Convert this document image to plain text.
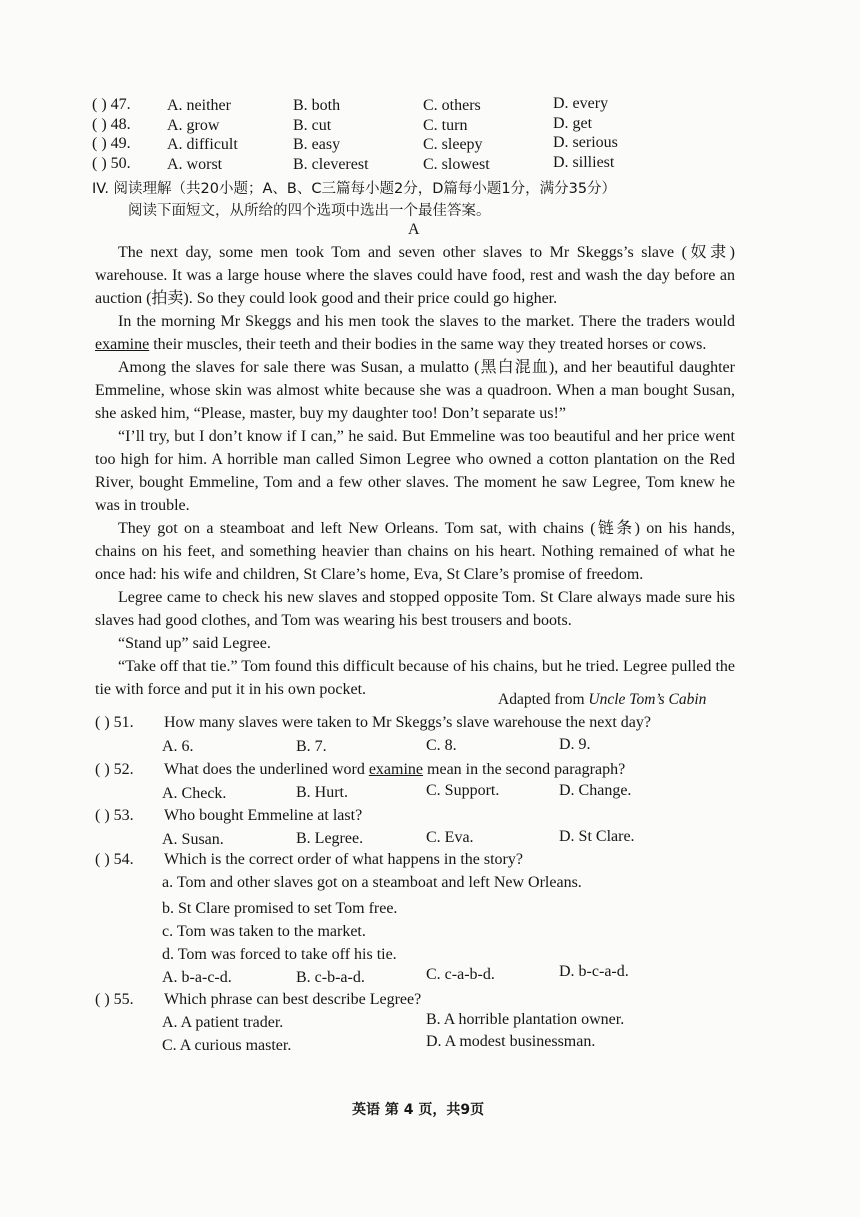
( ) 47. A. neither	B. both	C. others	D. every
( ) 48. A. grow	B. cut	C. turn	D. get
( ) 49. A. difficult	B. easy	C. sleepy	D. serious
( ) 50. A. worst	B. cleverest	C. slowest	D. silliest
IV. 阅读理解（共20小题；A、B、C三篇每小题2分，D篇每小题1分，满分35分）
阅读下面短文，从所给的四个选项中选出一个最佳答案。
A

The next day, some men took Tom and seven other slaves to Mr Skeggs’s slave (奴隶) warehouse. It was a large house where the slaves could have food, rest and wash the day before an auction (拍卖). So they could look good and their price could go higher.

In the morning Mr Skeggs and his men took the slaves to the market. There the traders would examine their muscles, their teeth and their bodies in the same way they treated horses or cows.

Among the slaves for sale there was Susan, a mulatto (黑白混血), and her beautiful daughter Emmeline, whose skin was almost white because she was a quadroon. When a man bought Susan, she asked him, “Please, master, buy my daughter too! Don’t separate us!”

“I’ll try, but I don’t know if I can,” he said. But Emmeline was too beautiful and her price went too high for him. A horrible man called Simon Legree who owned a cotton plantation on the Red River, bought Emmeline, Tom and a few other slaves. The moment he saw Legree, Tom knew he was in trouble.

They got on a steamboat and left New Orleans. Tom sat, with chains (链条) on his hands, chains on his feet, and something heavier than chains on his heart. Nothing remained of what he once had: his wife and children, St Clare’s home, Eva, St Clare’s promise of freedom.

Legree came to check his new slaves and stopped opposite Tom. St Clare always made sure his slaves had good clothes, and Tom was wearing his best trousers and boots.

“Stand up” said Legree.

“Take off that tie.” Tom found this difficult because of his chains, but he tried. Legree pulled the tie with force and put it in his own pocket.

Adapted from Uncle Tom’s Cabin
( ) 51. How many slaves were taken to Mr Skeggs’s slave warehouse the next day?
A. 6.	B. 7.	C. 8.	D. 9.
( ) 52. What does the underlined word examine mean in the second paragraph?
A. Check.	B. Hurt.	C. Support.	D. Change.
( ) 53. Who bought Emmeline at last?
A. Susan.	B. Legree.	C. Eva.	D. St Clare.
( ) 54. Which is the correct order of what happens in the story?
a. Tom and other slaves got on a steamboat and left New Orleans.
b. St Clare promised to set Tom free.
c. Tom was taken to the market.
d. Tom was forced to take off his tie.
A. b-a-c-d.	B. c-b-a-d.	C. c-a-b-d.	D. b-c-a-d.
( ) 55. Which phrase can best describe Legree?
A. A patient trader.	B. A horrible plantation owner.
C. A curious master.	D. A modest businessman.
英语 第 4 页，共9页
